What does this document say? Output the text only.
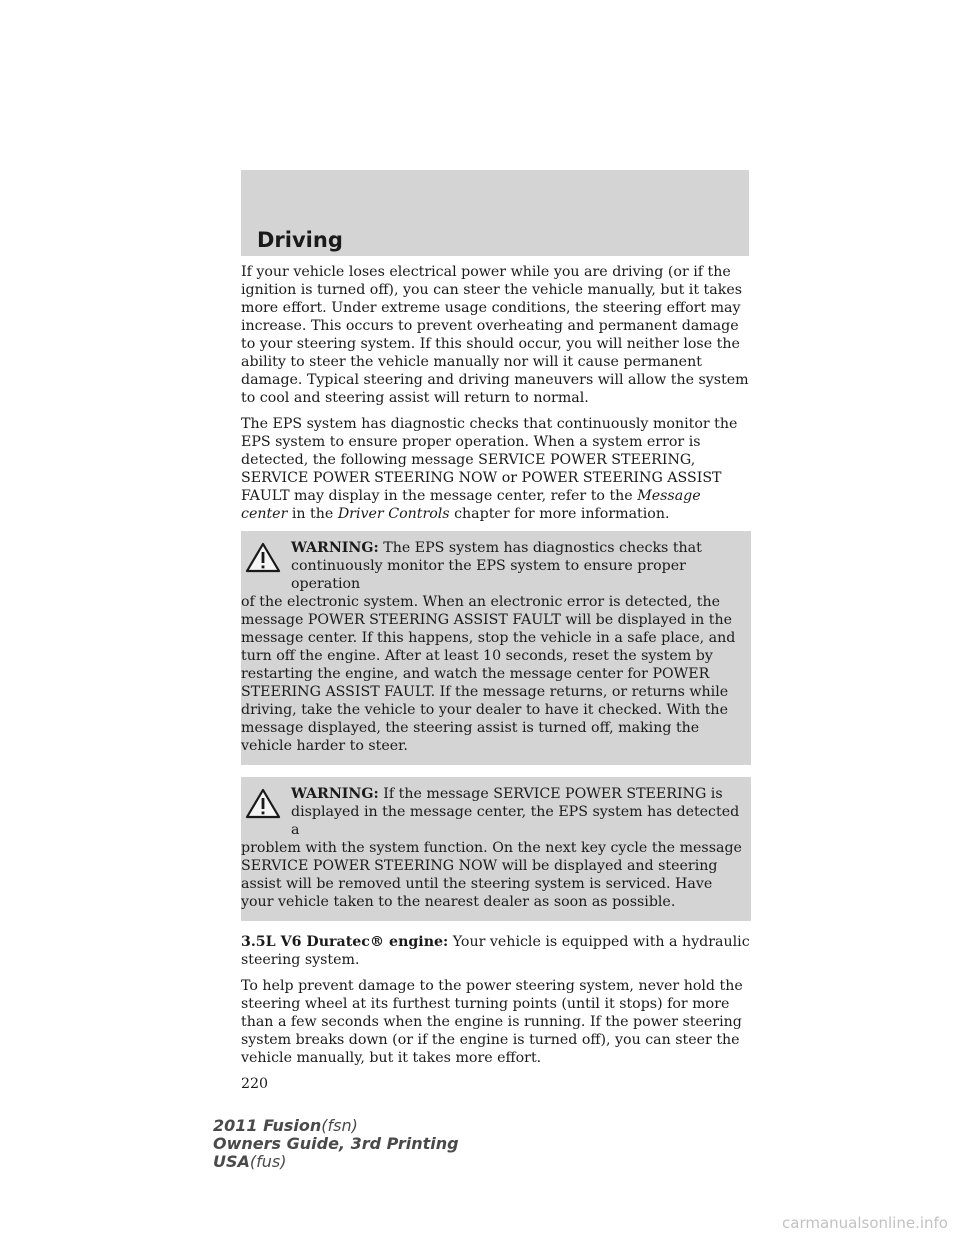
Driving

If your vehicle loses electrical power while you are driving (or if the ignition is turned off), you can steer the vehicle manually, but it takes more effort. Under extreme usage conditions, the steering effort may increase. This occurs to prevent overheating and permanent damage to your steering system. If this should occur, you will neither lose the ability to steer the vehicle manually nor will it cause permanent damage. Typical steering and driving maneuvers will allow the system to cool and steering assist will return to normal.

The EPS system has diagnostic checks that continuously monitor the EPS system to ensure proper operation. When a system error is detected, the following message SERVICE POWER STEERING, SERVICE POWER STEERING NOW or POWER STEERING ASSIST FAULT may display in the message center, refer to the Message center in the Driver Controls chapter for more information.

WARNING: The EPS system has diagnostics checks that continuously monitor the EPS system to ensure proper operation
of the electronic system. When an electronic error is detected, the message POWER STEERING ASSIST FAULT will be displayed in the message center. If this happens, stop the vehicle in a safe place, and turn off the engine. After at least 10 seconds, reset the system by restarting the engine, and watch the message center for POWER STEERING ASSIST FAULT. If the message returns, or returns while driving, take the vehicle to your dealer to have it checked. With the message displayed, the steering assist is turned off, making the vehicle harder to steer.
WARNING: If the message SERVICE POWER STEERING is displayed in the message center, the EPS system has detected a
problem with the system function. On the next key cycle the message SERVICE POWER STEERING NOW will be displayed and steering assist will be removed until the steering system is serviced. Have your vehicle taken to the nearest dealer as soon as possible.

3.5L V6 Duratec® engine: Your vehicle is equipped with a hydraulic steering system.

To help prevent damage to the power steering system, never hold the steering wheel at its furthest turning points (until it stops) for more than a few seconds when the engine is running. If the power steering system breaks down (or if the engine is turned off), you can steer the vehicle manually, but it takes more effort.

220
2011 Fusion(fsn)
Owners Guide, 3rd Printing
USA(fus)
carmanualsonline.info
